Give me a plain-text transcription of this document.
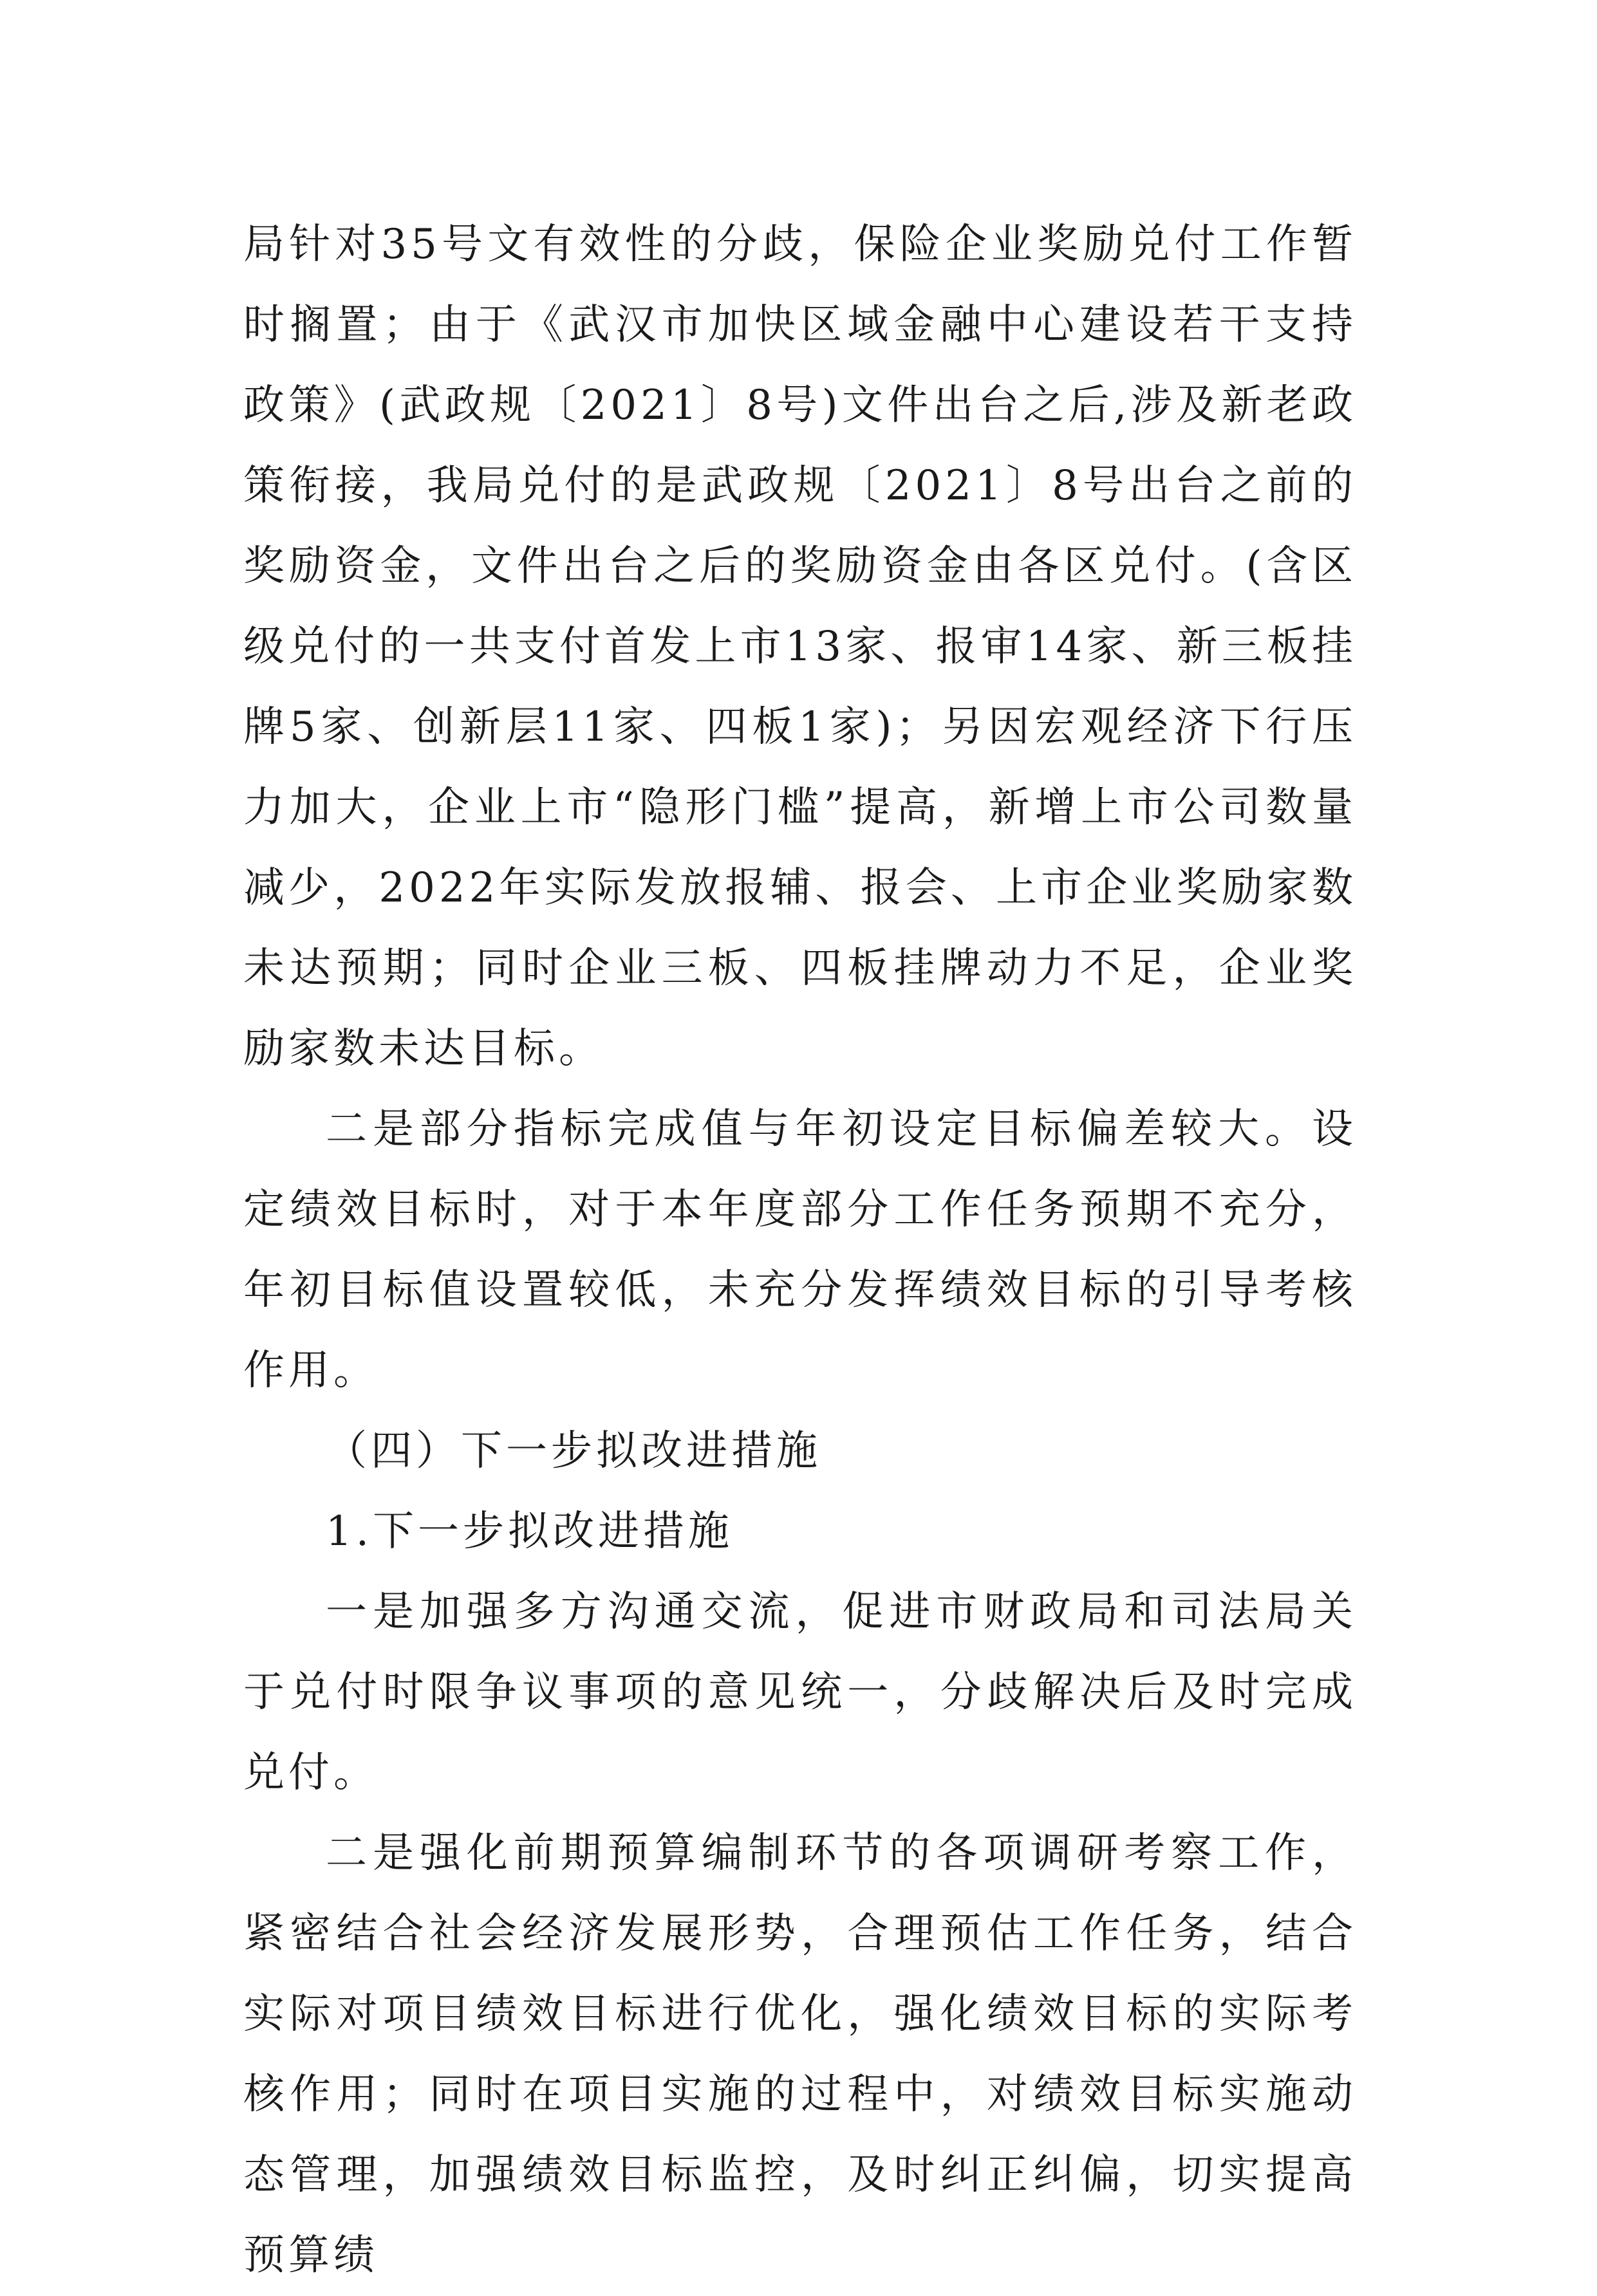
局针对35号文有效性的分歧，保险企业奖励兑付工作暂时搁置；由于《武汉市加快区域金融中心建设若干支持政策》(武政规〔2021〕8号)文件出台之后,涉及新老政策衔接，我局兑付的是武政规〔2021〕8号出台之前的奖励资金，文件出台之后的奖励资金由各区兑付。(含区级兑付的一共支付首发上市13家、报审14家、新三板挂牌5家、创新层11家、四板1家)；另因宏观经济下行压力加大，企业上市“隐形门槛”提高，新增上市公司数量减少，2022年实际发放报辅、报会、上市企业奖励家数未达预期；同时企业三板、四板挂牌动力不足，企业奖励家数未达目标。

二是部分指标完成值与年初设定目标偏差较大。设定绩效目标时，对于本年度部分工作任务预期不充分，年初目标值设置较低，未充分发挥绩效目标的引导考核作用。

（四）下一步拟改进措施

1.下一步拟改进措施

一是加强多方沟通交流，促进市财政局和司法局关于兑付时限争议事项的意见统一，分歧解决后及时完成兑付。

二是强化前期预算编制环节的各项调研考察工作，紧密结合社会经济发展形势，合理预估工作任务，结合实际对项目绩效目标进行优化，强化绩效目标的实际考核作用；同时在项目实施的过程中，对绩效目标实施动态管理，加强绩效目标监控，及时纠正纠偏，切实提高预算绩
